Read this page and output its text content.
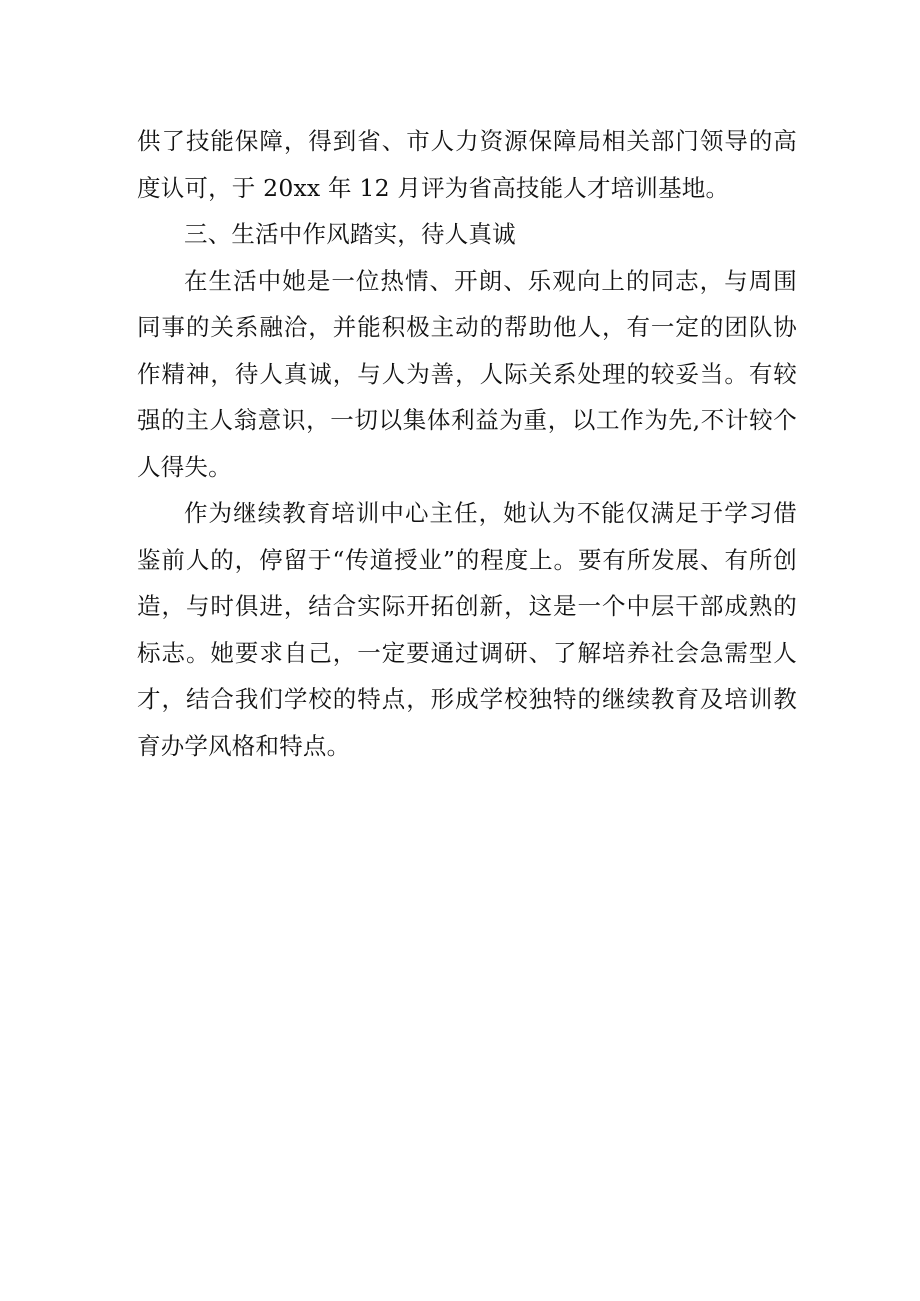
供了技能保障，得到省、市人力资源保障局相关部门领导的高度认可，于 20xx 年 12 月评为省高技能人才培训基地。

三、生活中作风踏实，待人真诚

在生活中她是一位热情、开朗、乐观向上的同志，与周围同事的关系融洽，并能积极主动的帮助他人，有一定的团队协作精神，待人真诚，与人为善，人际关系处理的较妥当。有较强的主人翁意识，一切以集体利益为重，以工作为先,不计较个人得失。

作为继续教育培训中心主任，她认为不能仅满足于学习借鉴前人的，停留于“传道授业”的程度上。要有所发展、有所创造，与时俱进，结合实际开拓创新，这是一个中层干部成熟的标志。她要求自己，一定要通过调研、了解培养社会急需型人才，结合我们学校的特点，形成学校独特的继续教育及培训教育办学风格和特点。
